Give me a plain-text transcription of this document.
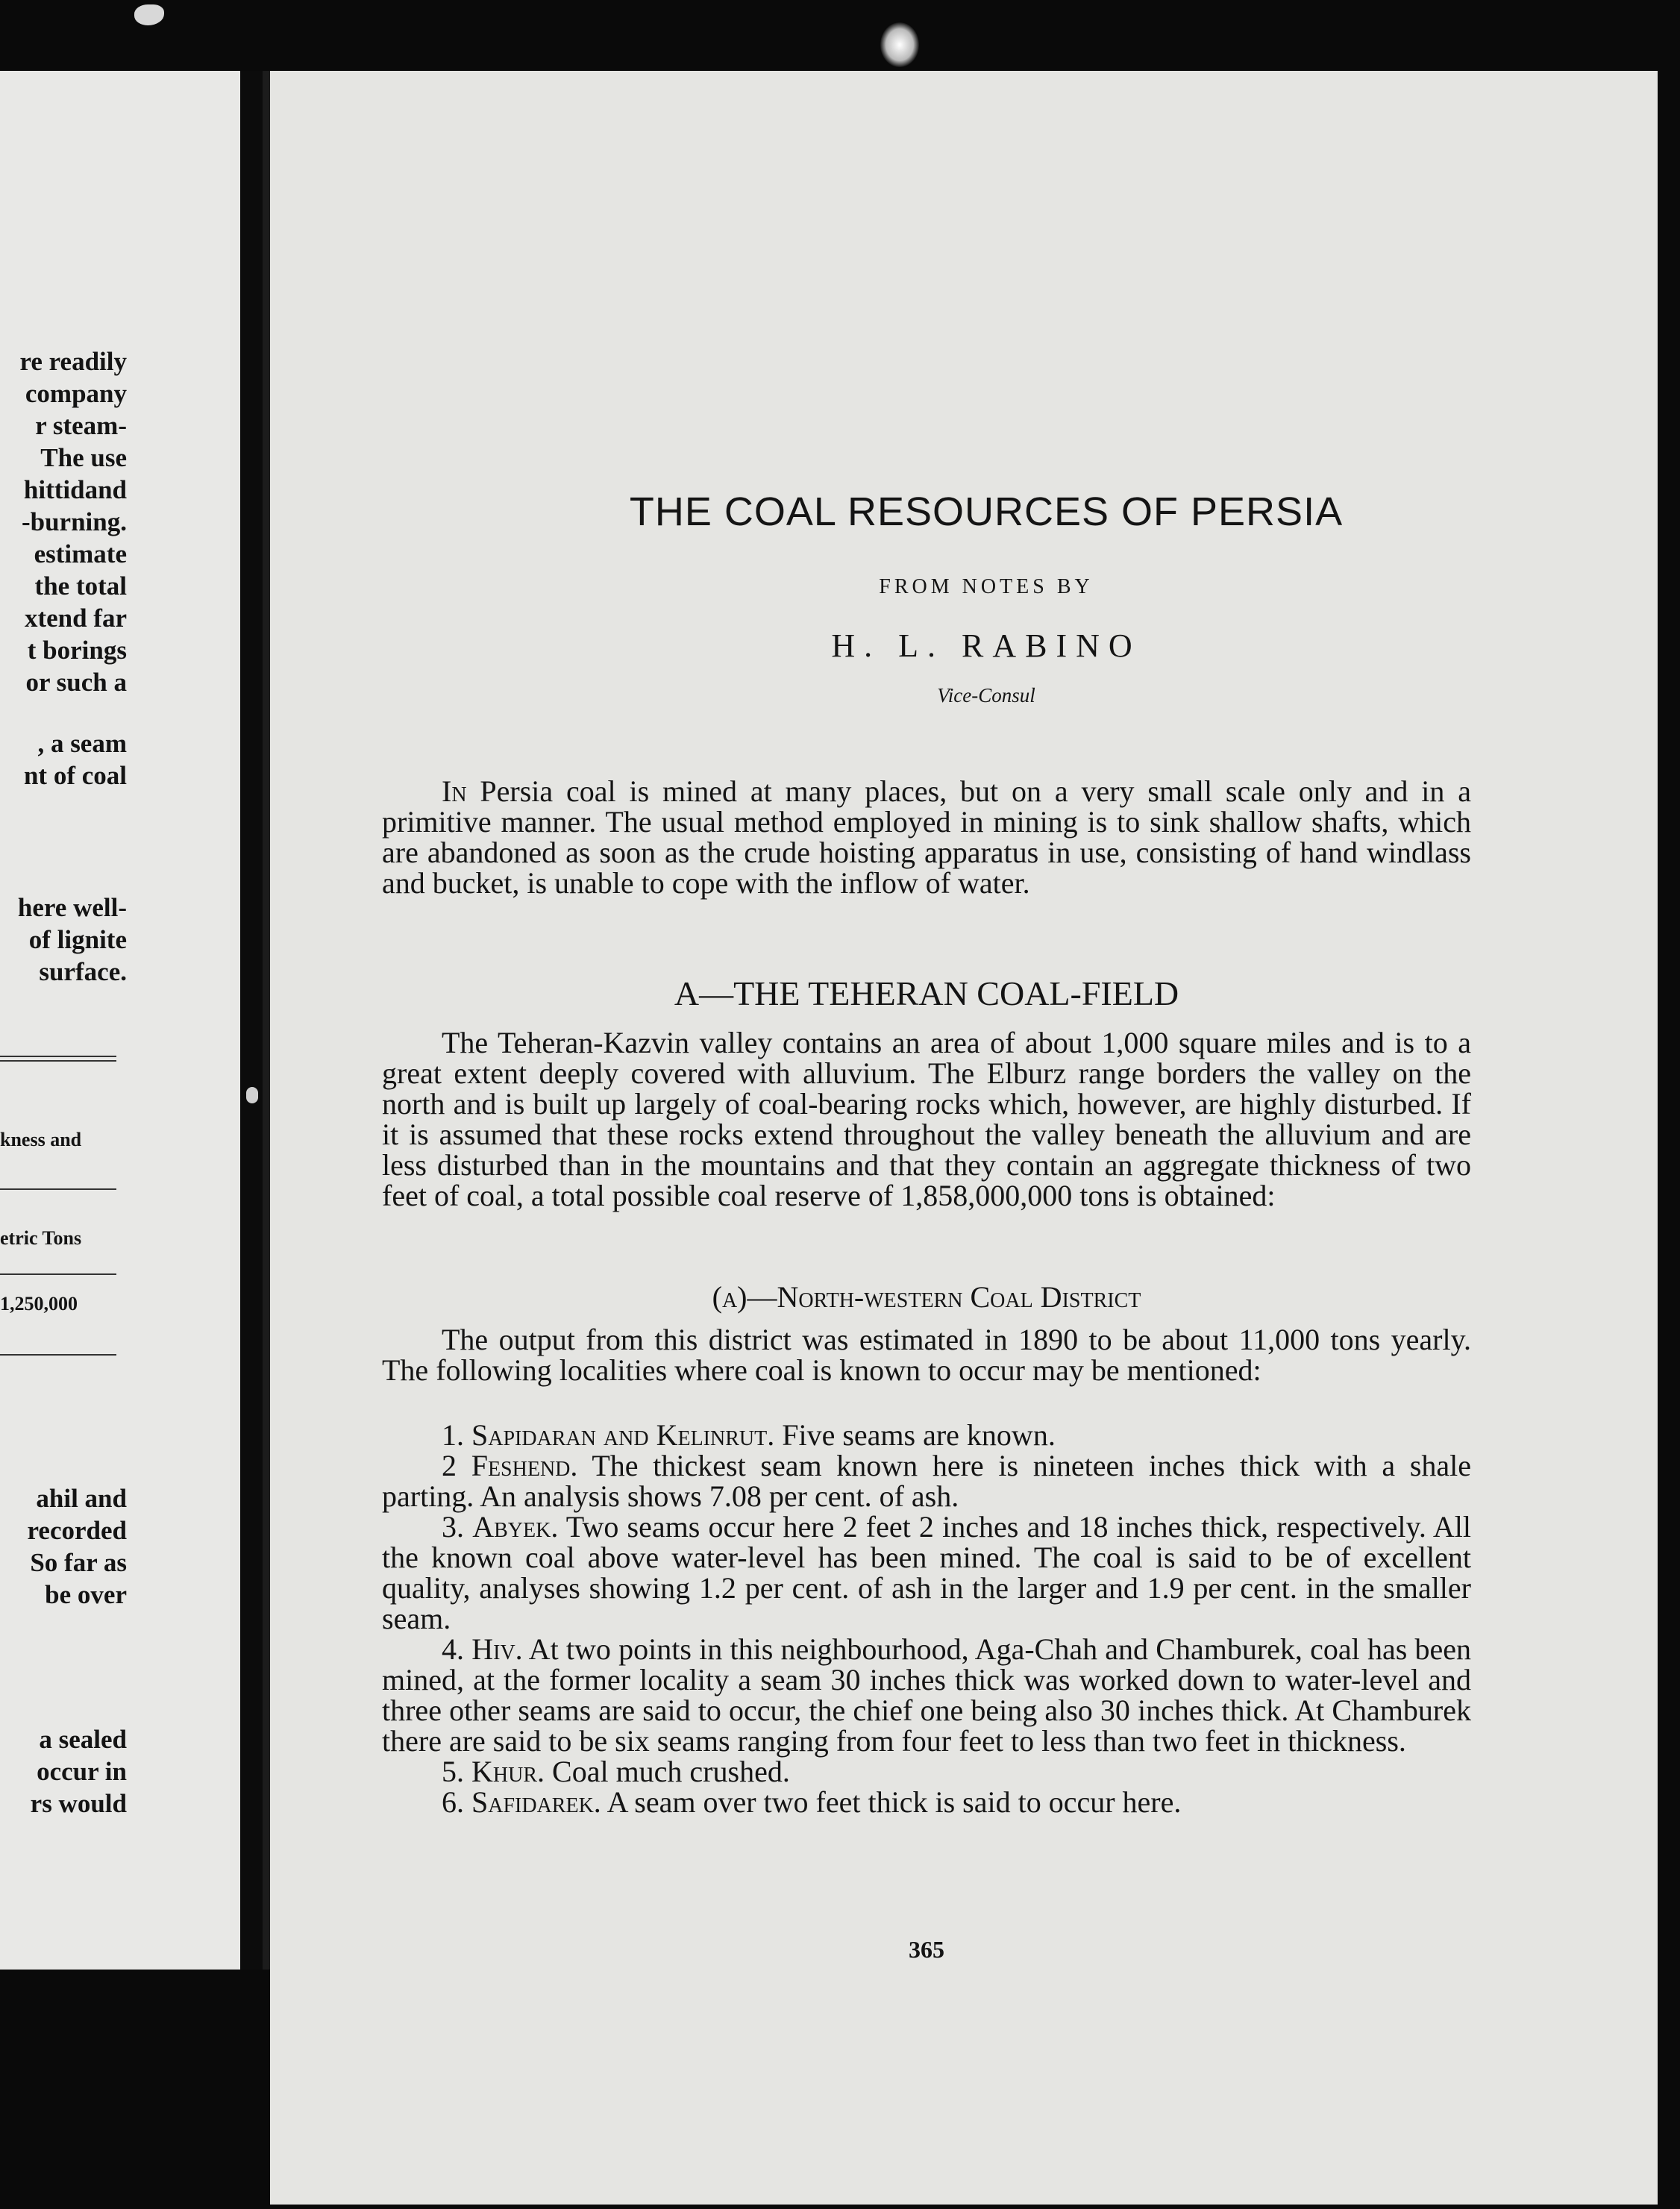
re readily
company
r steam-
The use
hittidand
-burning.
estimate
the total
xtend far
t borings
or such a
, a seam
nt of coal
here well-
of lignite
surface.
kness and
etric Tons
1,250,000
ahil and
recorded
So far as
be over
a sealed
occur in
rs would
THE COAL RESOURCES OF PERSIA
FROM NOTES BY
H. L. RABINO
Vice-Consul

In Persia coal is mined at many places, but on a very small scale only and in a primitive manner. The usual method employed in mining is to sink shallow shafts, which are abandoned as soon as the crude hoisting apparatus in use, consisting of hand windlass and bucket, is unable to cope with the inflow of water.

A—THE TEHERAN COAL-FIELD

The Teheran-Kazvin valley contains an area of about 1,000 square miles and is to a great extent deeply covered with alluvium. The Elburz range borders the valley on the north and is built up largely of coal-bearing rocks which, however, are highly disturbed. If it is assumed that these rocks extend throughout the valley beneath the alluvium and are less disturbed than in the mountains and that they contain an aggregate thickness of two feet of coal, a total possible coal reserve of 1,858,000,000 tons is obtained:

(a)—North-western Coal District

The output from this district was estimated in 1890 to be about 11,000 tons yearly. The following localities where coal is known to occur may be mentioned:

1. Sapidaran and Kelinrut. Five seams are known.

2 Feshend. The thickest seam known here is nineteen inches thick with a shale parting. An analysis shows 7.08 per cent. of ash.

3. Abyek. Two seams occur here 2 feet 2 inches and 18 inches thick, respectively. All the known coal above water-level has been mined. The coal is said to be of excellent quality, analyses showing 1.2 per cent. of ash in the larger and 1.9 per cent. in the smaller seam.

4. Hiv. At two points in this neighbourhood, Aga-Chah and Chamburek, coal has been mined, at the former locality a seam 30 inches thick was worked down to water-level and three other seams are said to occur, the chief one being also 30 inches thick. At Chamburek there are said to be six seams ranging from four feet to less than two feet in thickness.

5. Khur. Coal much crushed.

6. Safidarek. A seam over two feet thick is said to occur here.

365
